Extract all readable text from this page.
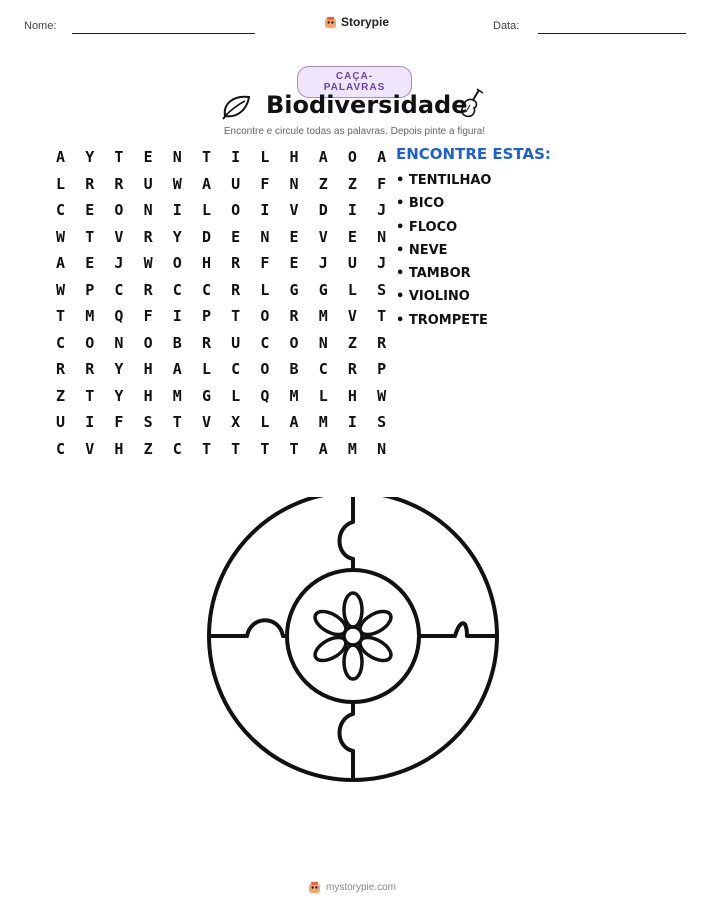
Nome:	Storypie	Data:
CAÇA-PALAVRAS
Biodiversidade
Encontre e circule todas as palavras. Depois pinte a figura!
A	Y	T	E	N	T	I	L	H	A	O	A
L	R	R	U	W	A	U	F	N	Z	Z	F
C	E	O	N	I	L	O	I	V	D	I	J
W	T	V	R	Y	D	E	N	E	V	E	N
A	E	J	W	O	H	R	F	E	J	U	J
W	P	C	R	C	C	R	L	G	G	L	S
T	M	Q	F	I	P	T	O	R	M	V	T
C	O	N	O	B	R	U	C	O	N	Z	R
R	R	Y	H	A	L	C	O	B	C	R	P
Z	T	Y	H	M	G	L	Q	M	L	H	W
U	I	F	S	T	V	X	L	A	M	I	S
C	V	H	Z	C	T	T	T	T	A	M	N
ENCONTRE ESTAS:
• TENTILHAO
• BICO
• FLOCO
• NEVE
• TAMBOR
• VIOLINO
• TROMPETE
mystorypie.com
